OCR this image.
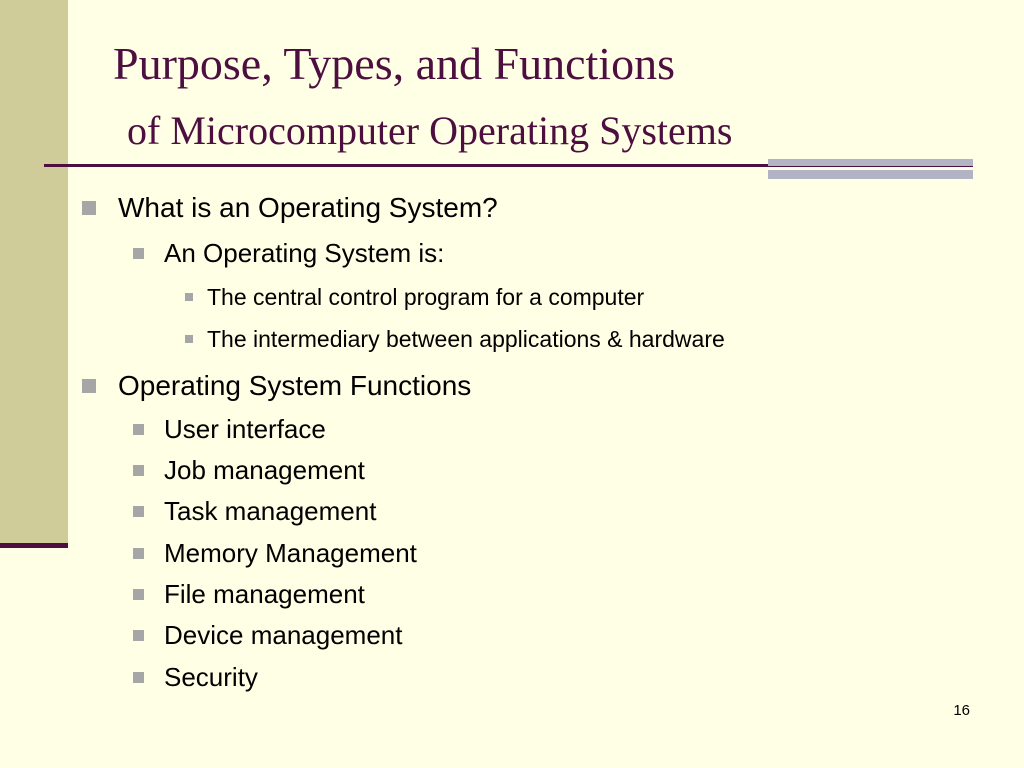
Purpose, Types, and Functions
of Microcomputer Operating Systems
What is an Operating System?
An Operating System is:
The central control program for a computer
The intermediary between applications & hardware
Operating System Functions
User interface
Job management
Task management
Memory Management
File management
Device management
Security
16
